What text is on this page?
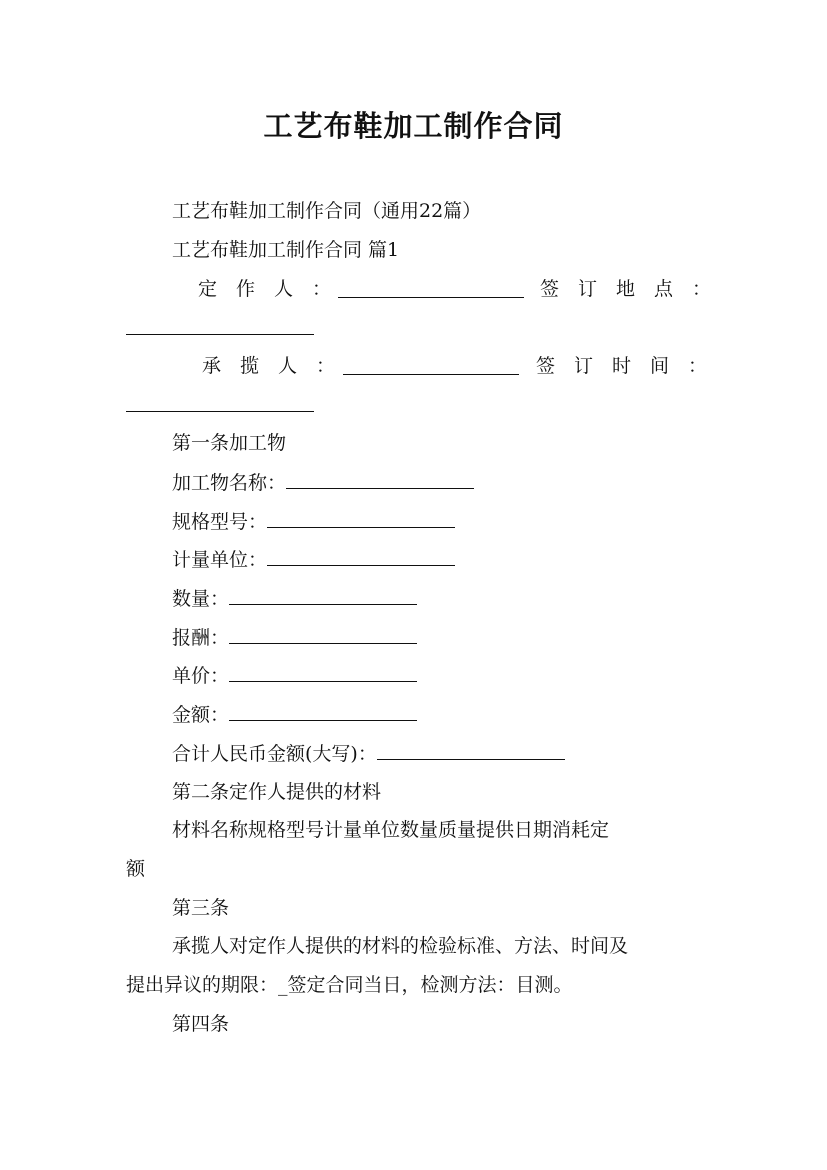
工艺布鞋加工制作合同
工艺布鞋加工制作合同（通用22篇）
工艺布鞋加工制作合同 篇1
定　作　人　：	签　订　地　点　：
承　揽　人　：	签　订　时　间　：
第一条加工物
加工物名称：
规格型号：
计量单位：
数量：
报酬：
单价：
金额：
合计人民币金额(大写)：
第二条定作人提供的材料
材料名称规格型号计量单位数量质量提供日期消耗定
额
第三条
承揽人对定作人提供的材料的检验标准、方法、时间及
提出异议的期限：_签定合同当日，检测方法：目测。
第四条
